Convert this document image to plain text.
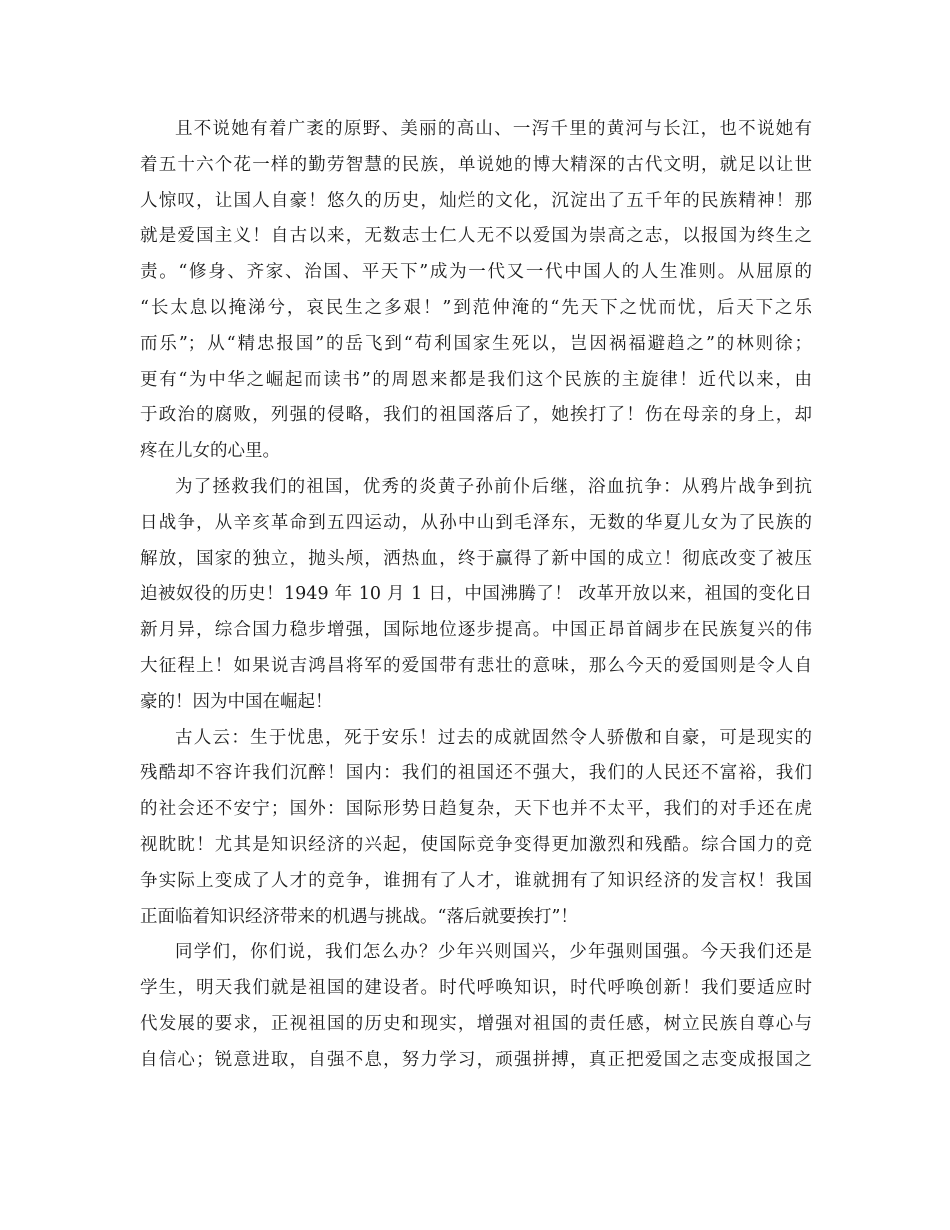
且不说她有着广袤的原野、美丽的高山、一泻千里的黄河与长江，也不说她有
着五十六个花一样的勤劳智慧的民族，单说她的博大精深的古代文明，就足以让世
人惊叹，让国人自豪！悠久的历史，灿烂的文化，沉淀出了五千年的民族精神！那
就是爱国主义！自古以来，无数志士仁人无不以爱国为崇高之志，以报国为终生之
责。“修身、齐家、治国、平天下”成为一代又一代中国人的人生准则。从屈原的
“长太息以掩涕兮，哀民生之多艰！”到范仲淹的“先天下之忧而忧，后天下之乐
而乐”；从“精忠报国”的岳飞到“苟利国家生死以，岂因祸福避趋之”的林则徐；
更有“为中华之崛起而读书”的周恩来都是我们这个民族的主旋律！近代以来，由
于政治的腐败，列强的侵略，我们的祖国落后了，她挨打了！伤在母亲的身上，却
疼在儿女的心里。
为了拯救我们的祖国，优秀的炎黄子孙前仆后继，浴血抗争：从鸦片战争到抗
日战争，从辛亥革命到五四运动，从孙中山到毛泽东，无数的华夏儿女为了民族的
解放，国家的独立，抛头颅，洒热血，终于赢得了新中国的成立！彻底改变了被压
迫被奴役的历史！1949 年 10 月 1 日，中国沸腾了！ 改革开放以来，祖国的变化日
新月异，综合国力稳步增强，国际地位逐步提高。中国正昂首阔步在民族复兴的伟
大征程上！如果说吉鸿昌将军的爱国带有悲壮的意味，那么今天的爱国则是令人自
豪的！因为中国在崛起！
古人云：生于忧患，死于安乐！过去的成就固然令人骄傲和自豪，可是现实的
残酷却不容许我们沉醉！国内：我们的祖国还不强大，我们的人民还不富裕，我们
的社会还不安宁；国外：国际形势日趋复杂，天下也并不太平，我们的对手还在虎
视眈眈！尤其是知识经济的兴起，使国际竞争变得更加激烈和残酷。综合国力的竞
争实际上变成了人才的竞争，谁拥有了人才，谁就拥有了知识经济的发言权！我国
正面临着知识经济带来的机遇与挑战。“落后就要挨打”！
同学们，你们说，我们怎么办？少年兴则国兴，少年强则国强。今天我们还是
学生，明天我们就是祖国的建设者。时代呼唤知识，时代呼唤创新！我们要适应时
代发展的要求，正视祖国的历史和现实，增强对祖国的责任感，树立民族自尊心与
自信心；锐意进取，自强不息，努力学习，顽强拼搏，真正把爱国之志变成报国之
